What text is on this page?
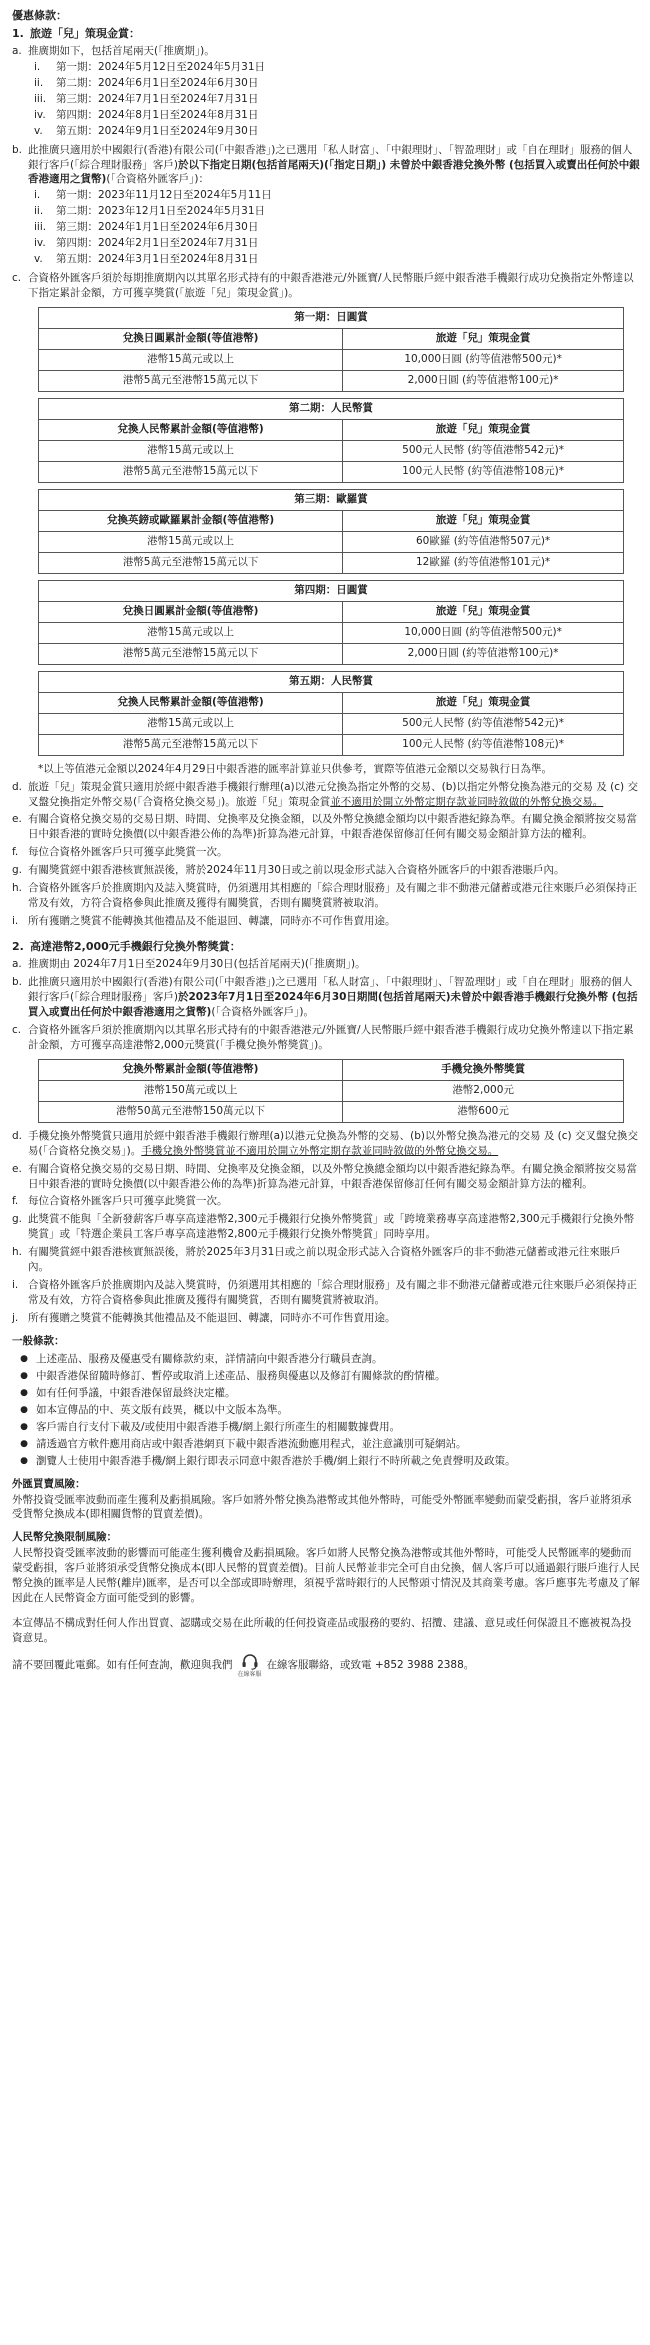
優惠條款：
1. 旅遊「兒」策現金賞：
a. 推廣期如下，包括首尾兩天(「推廣期」)。
i.	第一期：2024年5月12日至2024年5月31日
ii.	第二期：2024年6月1日至2024年6月30日
iii. 第三期：2024年7月1日至2024年7月31日
iv. 第四期：2024年8月1日至2024年8月31日
v.	第五期：2024年9月1日至2024年9月30日
b. 此推廣只適用於中國銀行(香港)有限公司(「中銀香港」)之已選用「私人財富」、「中銀理財」、「智盈理財」或「自在理財」服務的個人銀行客戶(「綜合理財服務」客戶)於以下指定日期(包括首尾兩天)(「指定日期」) 未曾於中銀香港兌換外幣 (包括買入或賣出任何於中銀香港適用之貨幣)(「合資格外匯客戶」)：
i.	第一期：2023年11月12日至2024年5月11日
ii.	第二期：2023年12月1日至2024年5月31日
iii. 第三期：2024年1月1日至2024年6月30日
iv. 第四期：2024年2月1日至2024年7月31日
v.	第五期：2024年3月1日至2024年8月31日
c. 合資格外匯客戶須於每期推廣期內以其單名形式持有的中銀香港港元/外匯寶/人民幣賬戶經中銀香港手機銀行成功兌換指定外幣達以下指定累計金額，方可獲享獎賞(「旅遊「兒」策現金賞」)。
第一期：日圓賞	
兌換日圓累計金額(等值港幣)	旅遊「兒」策現金賞
港幣15萬元或以上	10,000日圓 (約等值港幣500元)*
港幣5萬元至港幣15萬元以下	2,000日圓 (約等值港幣100元)*
第二期：人民幣賞	
兌換人民幣累計金額(等值港幣)	旅遊「兒」策現金賞
港幣15萬元或以上	500元人民幣 (約等值港幣542元)*
港幣5萬元至港幣15萬元以下	100元人民幣 (約等值港幣108元)*
第三期：歐羅賞	
兌換英鎊或歐羅累計金額(等值港幣)	旅遊「兒」策現金賞
港幣15萬元或以上	60歐羅 (約等值港幣507元)*
港幣5萬元至港幣15萬元以下	12歐羅 (約等值港幣101元)*
第四期：日圓賞	
兌換日圓累計金額(等值港幣)	旅遊「兒」策現金賞
港幣15萬元或以上	10,000日圓 (約等值港幣500元)*
港幣5萬元至港幣15萬元以下	2,000日圓 (約等值港幣100元)*
第五期：人民幣賞	
兌換人民幣累計金額(等值港幣)	旅遊「兒」策現金賞
港幣15萬元或以上	500元人民幣 (約等值港幣542元)*
港幣5萬元至港幣15萬元以下	100元人民幣 (約等值港幣108元)*
*以上等值港元金額以2024年4月29日中銀香港的匯率計算並只供參考，實際等值港元金額以交易執行日為準。
d. 旅遊「兒」策現金賞只適用於經中銀香港手機銀行辦理(a)以港元兌換為指定外幣的交易、(b)以指定外幣兌換為港元的交易 及 (c) 交叉盤兌換指定外幣交易(「合資格兌換交易」)。旅遊「兒」策現金賞並不適用於開立外幣定期存款並同時敘做的外幣兌換交易。
e. 有關合資格兌換交易的交易日期、時間、兌換率及兌換金額，以及外幣兌換總金額均以中銀香港紀錄為準。有關兌換金額將按交易當日中銀香港的實時兌換價(以中銀香港公佈的為準)折算為港元計算，中銀香港保留修訂任何有關交易金額計算方法的權利。
f. 每位合資格外匯客戶只可獲享此獎賞一次。
g. 有關獎賞經中銀香港核實無誤後，將於2024年11月30日或之前以現金形式誌入合資格外匯客戶的中銀香港賬戶內。
h. 合資格外匯客戶於推廣期內及誌入獎賞時，仍須選用其相應的「綜合理財服務」及有關之非不動港元儲蓄或港元往來賬戶必須保持正常及有效，方符合資格參與此推廣及獲得有關獎賞，否則有關獎賞將被取消。
i. 所有獲贈之獎賞不能轉換其他禮品及不能退回、轉讓，同時亦不可作售賣用途。
2. 高達港幣2,000元手機銀行兌換外幣獎賞：
a. 推廣期由 2024年7月1日至2024年9月30日(包括首尾兩天)(「推廣期」)。
b. 此推廣只適用於中國銀行(香港)有限公司(「中銀香港」)之已選用「私人財富」、「中銀理財」、「智盈理財」或「自在理財」服務的個人銀行客戶(「綜合理財服務」客戶)於2023年7月1日至2024年6月30日期間(包括首尾兩天)未曾於中銀香港手機銀行兌換外幣 (包括買入或賣出任何於中銀香港適用之貨幣)(「合資格外匯客戶」)。
c. 合資格外匯客戶須於推廣期內以其單名形式持有的中銀香港港元/外匯寶/人民幣賬戶經中銀香港手機銀行成功兌換外幣達以下指定累計金額，方可獲享高達港幣2,000元獎賞(「手機兌換外幣獎賞」)。
兌換外幣累計金額(等值港幣)	手機兌換外幣獎賞
港幣150萬元或以上	港幣2,000元
港幣50萬元至港幣150萬元以下	港幣600元
d. 手機兌換外幣獎賞只適用於經中銀香港手機銀行辦理(a)以港元兌換為外幣的交易、(b)以外幣兌換為港元的交易 及 (c) 交叉盤兌換交易(「合資格兌換交易」)。手機兌換外幣獎賞並不適用於開立外幣定期存款並同時敘做的外幣兌換交易。
e. 有關合資格兌換交易的交易日期、時間、兌換率及兌換金額，以及外幣兌換總金額均以中銀香港紀錄為準。有關兌換金額將按交易當日中銀香港的實時兌換價(以中銀香港公佈的為準)折算為港元計算，中銀香港保留修訂任何有關交易金額計算方法的權利。
f. 每位合資格外匯客戶只可獲享此獎賞一次。
g. 此獎賞不能與「全新發薪客戶專享高達港幣2,300元手機銀行兌換外幣獎賞」或「跨境業務專享高達港幣2,300元手機銀行兌換外幣獎賞」或「特選企業員工客戶專享高達港幣2,800元手機銀行兌換外幣獎賞」同時享用。
h. 有關獎賞經中銀香港核實無誤後，將於2025年3月31日或之前以現金形式誌入合資格外匯客戶的非不動港元儲蓄或港元往來賬戶內。
i. 合資格外匯客戶於推廣期內及誌入獎賞時，仍須選用其相應的「綜合理財服務」及有關之非不動港元儲蓄或港元往來賬戶必須保持正常及有效，方符合資格參與此推廣及獲得有關獎賞，否則有關獎賞將被取消。
j. 所有獲贈之獎賞不能轉換其他禮品及不能退回、轉讓，同時亦不可作售賣用途。
一般條款：
● 上述產品、服務及優惠受有關條款約束，詳情請向中銀香港分行職員查詢。
● 中銀香港保留隨時修訂、暫停或取消上述產品、服務與優惠以及修訂有關條款的酌情權。
● 如有任何爭議，中銀香港保留最終決定權。
● 如本宣傳品的中、英文版有歧異，概以中文版本為準。
● 客戶需自行支付下載及/或使用中銀香港手機/網上銀行所產生的相關數據費用。
● 請透過官方軟件應用商店或中銀香港網頁下載中銀香港流動應用程式，並注意識別可疑網站。
● 瀏覽人士使用中銀香港手機/網上銀行即表示同意中銀香港於手機/網上銀行不時所載之免責聲明及政策。
外匯買賣風險：
外幣投資受匯率波動而產生獲利及虧損風險。客戶如將外幣兌換為港幣或其他外幣時，可能受外幣匯率變動而蒙受虧損，客戶並將須承受貨幣兌換成本(即相關貨幣的買賣差價)。
人民幣兌換限制風險：
人民幣投資受匯率波動的影響而可能產生獲利機會及虧損風險。客戶如將人民幣兌換為港幣或其他外幣時，可能受人民幣匯率的變動而蒙受虧損，客戶並將須承受貨幣兌換成本(即人民幣的買賣差價)。目前人民幣並非完全可自由兌換，個人客戶可以通過銀行賬戶進行人民幣兌換的匯率是人民幣(離岸)匯率，是否可以全部或即時辦理，須視乎當時銀行的人民幣頭寸情況及其商業考慮。客戶應事先考慮及了解因此在人民幣資金方面可能受到的影響。
本宣傳品不構成對任何人作出買賣、認購或交易在此所載的任何投資產品或服務的要約、招攬、建議、意見或任何保證且不應被視為投資意見。
請不要回覆此電郵。如有任何查詢，歡迎與我們
在線客服
在線客服聯絡，或致電 +852 3988 2388。
